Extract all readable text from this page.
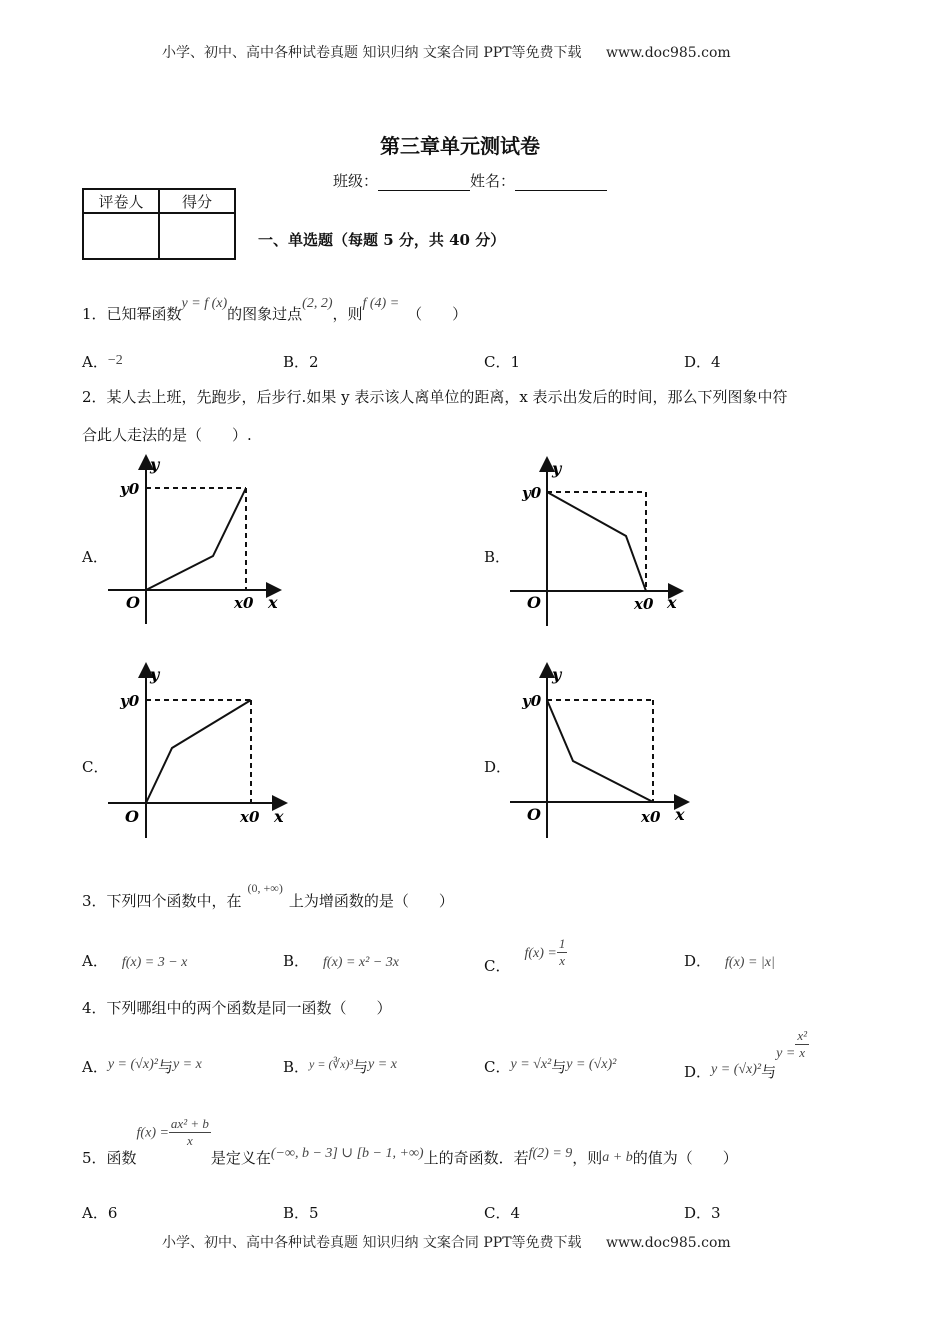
小学、初中、高中各种试卷真题 知识归纳 文案合同 PPT等免费下载 www.doc985.com
第三章单元测试卷
班级：	姓名：
评卷人	得分

一、单选题（每题 5 分，共 40 分）
1．已知幂函数y = f (x)的图象过点(2, 2)，则f (4) =（　　）
A．−2	B．2	C．1	D．4
2．某人去上班，先跑步，后步行.如果 y 表示该人离单位的距离，x 表示出发后的时间，那么下列图象中符
合此人走法的是（　　）.
A．	B．
C．	D．
y
y0
O	x0 x
y
y0
O	x0 x
y
y0
O	x0 x
y
y0
O	x0 x
3．下列四个函数中，在$^{(0, +\infty)}$上为增函数的是（　　）
A． f(x) = 3 − x	B． f(x) = x² − 3x	C．$f(x) = \frac{1}{x}$	D． f(x) = |x|
4．下列哪组中的两个函数是同一函数（　　）
A．y = (√x)²与y = x	B．$^{y = (∛x)^3}$与y = x	C．y = √x²与y = (√x)²	D．y = (√x)²与$y = \frac{\text{x²}}{x}$
5．函数$f(x) = \frac{\text{ax² + b}}{x}$
是定义在(−∞, b − 3] ∪ [b − 1, +∞)上的奇函数．若f(2) = 9，则a + b的值为（　　）
A．6	B．5	C．4	D．3
小学、初中、高中各种试卷真题 知识归纳 文案合同 PPT等免费下载 www.doc985.com
